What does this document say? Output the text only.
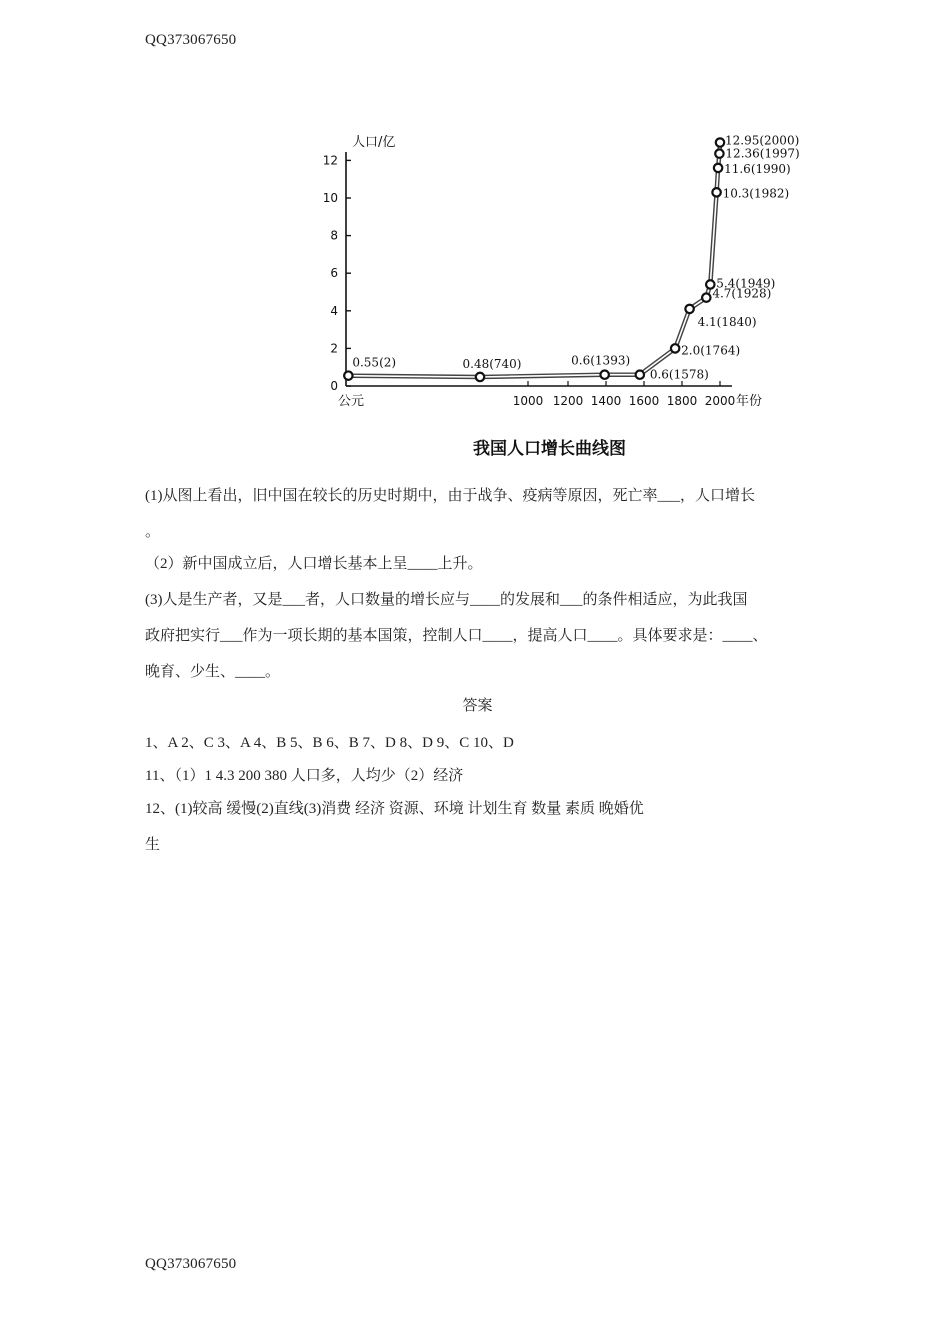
QQ373067650
人口/亿
年份
公元
0
2
4
6
8
10
12
1000 1200 1400 1600 1800 2000
0.55(2)	0.48(740)	0.6(1393)
0.6(1578)
2.0(1764)
4.1(1840)
4.7(1928)
5.4(1949)
10.3(1982)
11.6(1990)
12.36(1997)
12.95(2000)
我国人口增长曲线图
(1)从图上看出，旧中国在较长的历史时期中，由于战争、疫病等原因，死亡率___，人口增长
。
（2）新中国成立后，人口增长基本上呈____上升。
(3)人是生产者，又是___者，人口数量的增长应与____的发展和___的条件相适应，为此我国
政府把实行___作为一项长期的基本国策，控制人口____，提高人口____。具体要求是：____、
晚育、少生、____。
答案
1、A 2、C 3、A 4、B 5、B 6、B 7、D 8、D 9、C 10、D
11、（1）1 4.3 200 380 人口多，人均少（2）经济
12、(1)较高 缓慢(2)直线(3)消费 经济 资源、环境 计划生育 数量 素质 晚婚优
生
QQ373067650
